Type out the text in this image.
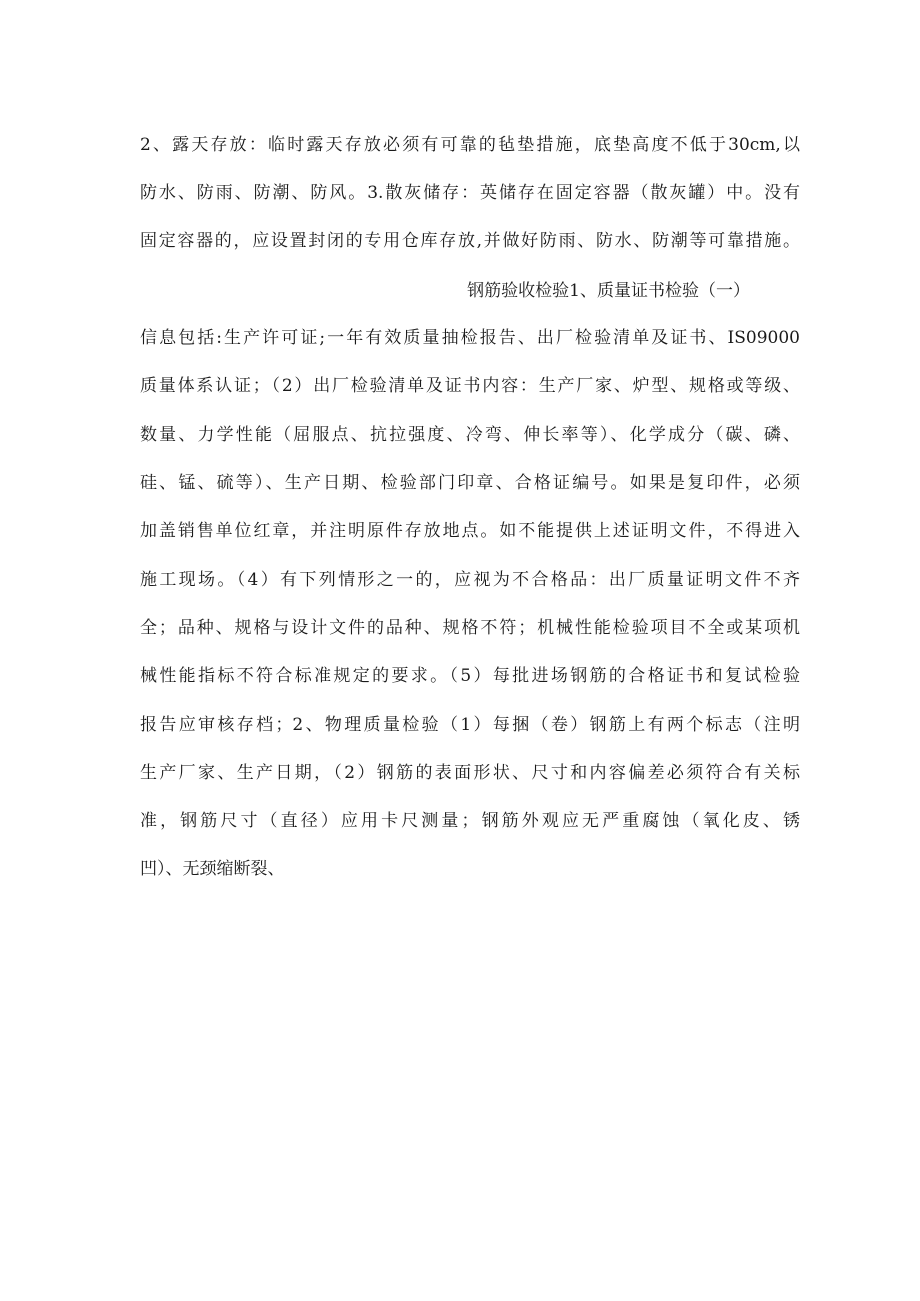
2、露天存放：临时露天存放必须有可靠的毡垫措施，底垫高度不低于30cm,以
防水、防雨、防潮、防风。3.散灰储存：英储存在固定容器（散灰罐）中。没有
固定容器的，应设置封闭的专用仓库存放,并做好防雨、防水、防潮等可靠措施。
钢筋验收检验1、质量证书检验（一）
信息包括:生产许可证;一年有效质量抽检报告、出厂检验清单及证书、IS09000
质量体系认证；（2）出厂检验清单及证书内容：生产厂家、炉型、规格或等级、
数量、力学性能（屈服点、抗拉强度、冷弯、伸长率等）、化学成分（碳、磷、
硅、锰、硫等）、生产日期、检验部门印章、合格证编号。如果是复印件，必须
加盖销售单位红章，并注明原件存放地点。如不能提供上述证明文件，不得进入
施工现场。（4）有下列情形之一的，应视为不合格品：出厂质量证明文件不齐
全；品种、规格与设计文件的品种、规格不符；机械性能检验项目不全或某项机
械性能指标不符合标准规定的要求。（5）每批进场钢筋的合格证书和复试检验
报告应审核存档；2、物理质量检验（1）每捆（卷）钢筋上有两个标志（注明
生产厂家、生产日期，（2）钢筋的表面形状、尺寸和内容偏差必须符合有关标
准，钢筋尺寸（直径）应用卡尺测量；钢筋外观应无严重腐蚀（氧化皮、锈
凹）、无颈缩断裂、
